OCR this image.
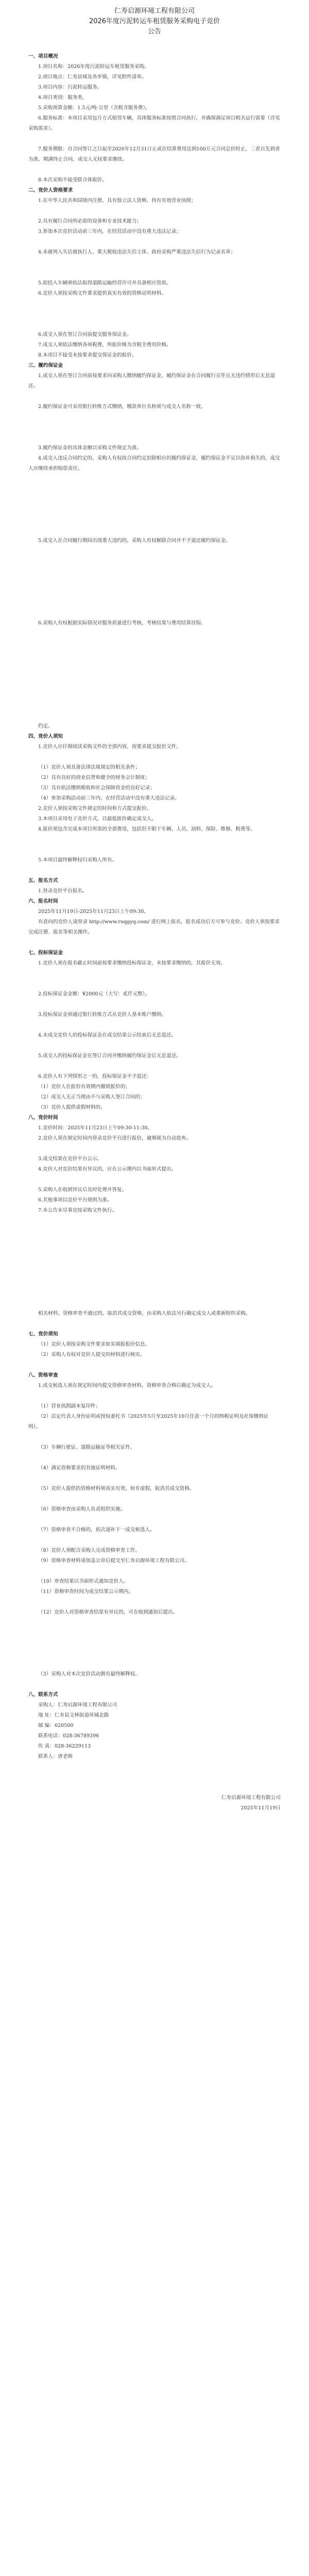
仁寿启源环境工程有限公司
2026年度污泥转运车租赁服务采购电子竞价
公告
一、项目概况
1.项目名称：2026年度污泥转运车租赁服务采购。
2.项目地点：仁寿县城及各乡镇，详见附件清单。
3.项目内容：污泥转运服务。
4.项目类别：服务类。
5.采购预算金额：1.5元/吨·公里（含税含服务费）。
6.服务标准：本项目采用包月方式租赁车辆，具体服务标准按照合同执行，并确保满足项目相关运行需要（详见采购需求）。
7.服务期限：自合同签订之日起至2026年12月31日止或在结算费用达到100万元合同总价时止，二者以先到者为准，期满终止合同，成交人无权要求继续。
8.本次采购不接受联合体报价。
二、竞价人资格要求
1.在中华人民共和国境内注册，具有独立法人资格，持有有效营业执照；
2.具有履行合同所必需的设备和专业技术能力；
3.参加本次竞价活动前三年内，在经营活动中没有重大违法记录；
4.未被列入失信被执行人、重大税收违法失信主体、政府采购严重违法失信行为记录名单；
5.拟投入车辆须依法取得道路运输经营许可并具备相应资质。
6.竞价人须按采购文件要求提供真实有效的资格证明材料。
6.成交人须在签订合同前提交服务保证金。
7.成交人须依法缴纳各项税费，所报价格为含税全费用价格。
8.本项目不接受未按要求提交保证金的报价。
三、履约保证金
1.成交人须在签订合同前按要求向采购人缴纳履约保证金，履约保证金在合同履行完毕且无违约情形后无息退还。
2.履约保证金可采用银行转账方式缴纳，缴款单位名称须与成交人名称一致。
3.履约保证金的具体金额以采购文件规定为准。
4.成交人违反合同约定的，采购人有权按合同约定扣除相应的履约保证金，履约保证金不足以弥补损失的，成交人应继续承担赔偿责任。
5.成交人在合同履行期间出现重大违约的，采购人有权解除合同并不予退还履约保证金。
6.采购人有权根据实际情况对服务质量进行考核，考核结果与费用结算挂钩。
约定。
四、竞价人须知
1.竞价人应仔细阅读采购文件的全部内容，按要求提交报价文件。
（1）竞价人须具备法律法规规定的相关条件；
（2）具有良好的商业信誉和健全的财务会计制度；
（3）具有依法缴纳税收和社会保障资金的良好记录；
（4）参加采购活动前三年内，在经营活动中没有重大违法记录。
2.竞价人须按采购文件规定的时间和方式提交报价。
3.本项目采用电子竞价方式，以最低报价确定成交人。
4.报价须包含完成本项目所需的全部费用，包括但不限于车辆、人员、油料、保险、维修、税费等。
5.本项目最终解释权归采购人所有。
五、报名方式
1.登录竞价平台报名。
六、报名时间
2025年11月19日-2025年11月23日上午09:30。
有意向的竞价人请登录 http://www.ruqgyq.com/ 进行网上报名，报名成功后方可参与竞价。竞价人须按要求完成注册、报名等相关操作。
七、投标保证金
1.竞价人须在报名截止时间前按要求缴纳投标保证金，未按要求缴纳的，其报价无效。
2.投标保证金金额：¥2000元（大写：贰仟元整）。
3.投标保证金须通过银行转账方式从竞价人基本账户缴纳。
4.未成交竞价人的投标保证金在成交结果公示结束后无息退还。
5.成交人的投标保证金在签订合同并缴纳履约保证金后无息退还。
6.竞价人有下列情形之一的，投标保证金不予退还：
（1）竞价人在报价有效期内撤销报价的；
（2）成交人无正当理由不与采购人签订合同的；
（3）竞价人提供虚假材料的。
八、竞价时间
1.竞价时间：2025年11月23日上午09:30-11:30。
2.竞价人须在规定时间内登录竞价平台进行报价，逾期视为自动放弃。
3.成交结果在竞价平台公示。
4.竞价人对竞价结果有异议的，应在公示期内以书面形式提出。
5.采购人在收到异议后及时处理并答复。
6.其他事项以竞价平台规则为准。
7.本公告未尽事宜按采购文件执行。
相关材料，资格审查不通过的，取消其成交资格，由采购人依法另行确定成交人或重新组织采购。
七、竞价须知
（1）竞价人须按采购文件要求如实填报报价信息。
（2）采购人有权对竞价人提交的材料进行核实。
八、资格审查
1.成交候选人须在规定时间内提交资格审查材料，资格审查合格后确定为成交人。
（1）营业执照副本复印件；
（2）法定代表人身份证明或授权委托书（2025年5月至2025年10月任意一个月的纳税证明及社保缴纳证明）。
（3）车辆行驶证、道路运输证等相关证件。
（4）满足资格要求的其他证明材料。
（5）竞价人提供的资格材料须真实有效，如有虚假，取消其成交资格。
（6）资格审查由采购人负责组织实施。
（7）资格审查不合格的，依次递补下一成交候选人。
（8）竞价人须配合采购人完成资格审查工作。
（9）资格审查材料请加盖公章后提交至仁寿启源环境工程有限公司。
（10）审查结果以书面形式通知竞价人。
（11）资格审查时间为成交结果公示期内。
（12）竞价人对资格审查结果有异议的，可在收到通知后提出。
（3）采购人对本次竞价活动拥有最终解释权。
八、联系方式
采购人：仁寿启源环境工程有限公司
地 址：仁寿县文林街道环城北路
邮 编：620500
联系电话：028-36789396
传 真：028-36229113
联系人：唐老师
仁寿启源环境工程有限公司
2025年11月19日
